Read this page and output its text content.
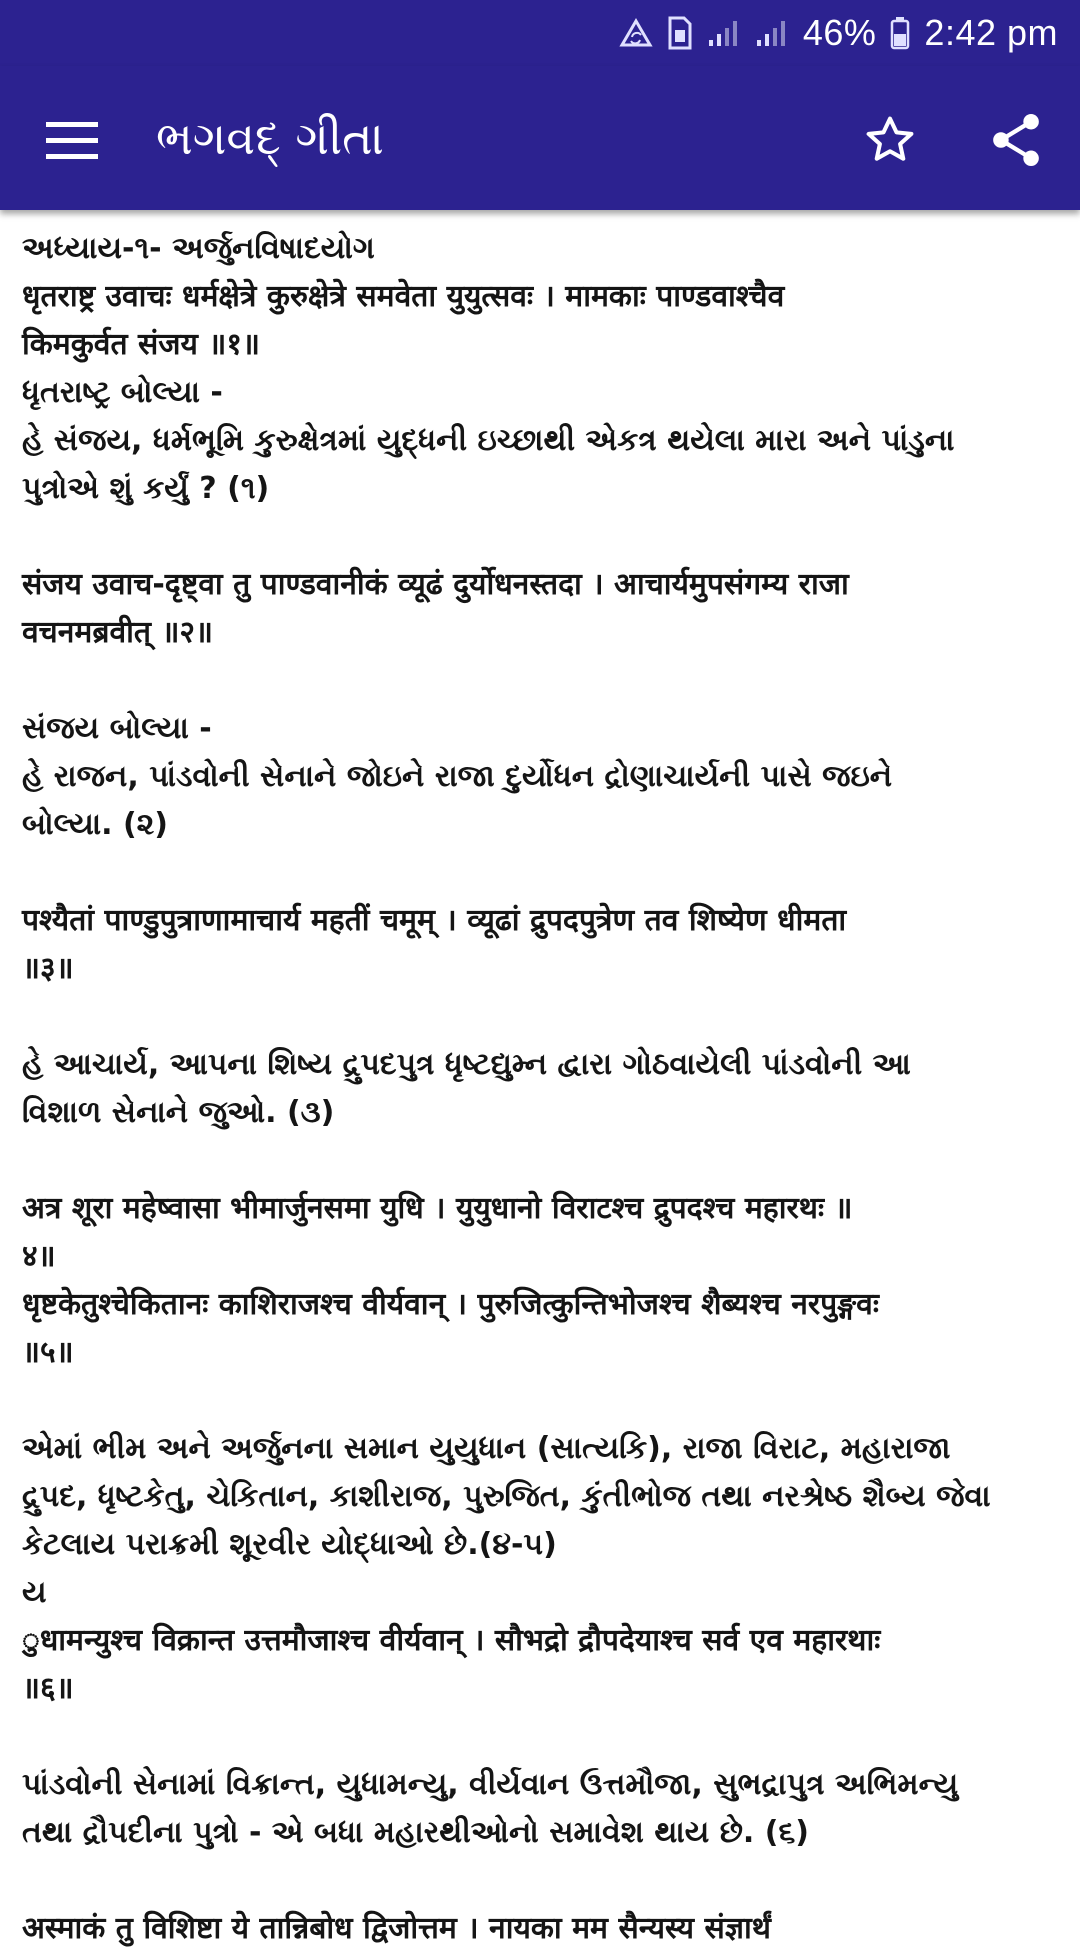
46% 2:42 pm
ભગવદ્ ગીતા

અધ્યાય-૧- અર્જુનવિષાદયોગ

धृतराष्ट्र उवाचः धर्मक्षेत्रे कुरुक्षेत्रे समवेता युयुत्सवः । मामकाः पाण्डवाश्चैव

किमकुर्वत संजय ॥१॥

ધૃતરાષ્ટ્ર બોલ્યા -

હે સંજય, ધર્મભૂમિ કુરુક્ષેત્રમાં યુદ્ધની ઇચ્છાથી એકત્ર થયેલા મારા અને પાંડુના

પુત્રોએ શું કર્યું ? (૧)

संजय उवाच-दृष्ट्वा तु पाण्डवानीकं व्यूढं दुर्योधनस्तदा । आचार्यमुपसंगम्य राजा

वचनमब्रवीत् ॥२॥

સંજય બોલ્યા -

હે રાજન, પાંડવોની સેનાને જોઇને રાજા દુર્યોધન દ્રોણાચાર્યની પાસે જઇને

બોલ્યા. (૨)

पश्यैतां पाण्डुपुत्राणामाचार्य महतीं चमूम् । व्यूढां द्रुपदपुत्रेण तव शिष्येण धीमता

॥३॥

હે આચાર્ય, આપના શિષ્ય દ્રુપદપુત્ર ધૃષ્ટદ્યુમ્ન દ્વારા ગોઠવાયેલી પાંડવોની આ

વિશાળ સેનાને જુઓ. (૩)

अत्र शूरा महेष्वासा भीमार्जुनसमा युधि । युयुधानो विराटश्च द्रुपदश्च महारथः ॥

४॥

धृष्टकेतुश्चेकितानः काशिराजश्च वीर्यवान् । पुरुजित्कुन्तिभोजश्च शैब्यश्च नरपुङ्गवः

॥५॥

એમાં ભીમ અને અર્જુનના સમાન યુયુધાન (સાત્યકિ), રાજા વિરાટ, મહારાજા

દ્રુપદ, ધૃષ્ટકેતુ, ચેકિતાન, કાશીરાજ, પુરુજિત, કુંતીભોજ તથા નરશ્રેષ્ઠ શૈબ્ય જેવા

કેટલાય પરાક્રમી શૂરવીર યોદ્ધાઓ છે.(૪-૫)

ય

ुधामन्युश्च विक्रान्त उत्तमौजाश्च वीर्यवान् । सौभद्रो द्रौपदेयाश्च सर्व एव महारथाः

॥६॥

પાંડવોની સેનામાં વિક્રાન્ત, યુધામન્યુ, વીર્યવાન ઉત્તમૌજા, સુભદ્રાપુત્ર અભિમન્યુ

તથા દ્રૌપદીના પુત્રો - એ બધા મહારથીઓનો સમાવેશ થાય છે. (૬)

अस्माकं तु विशिष्टा ये तान्निबोध द्विजोत्तम । नायका मम सैन्यस्य संज्ञार्थं
